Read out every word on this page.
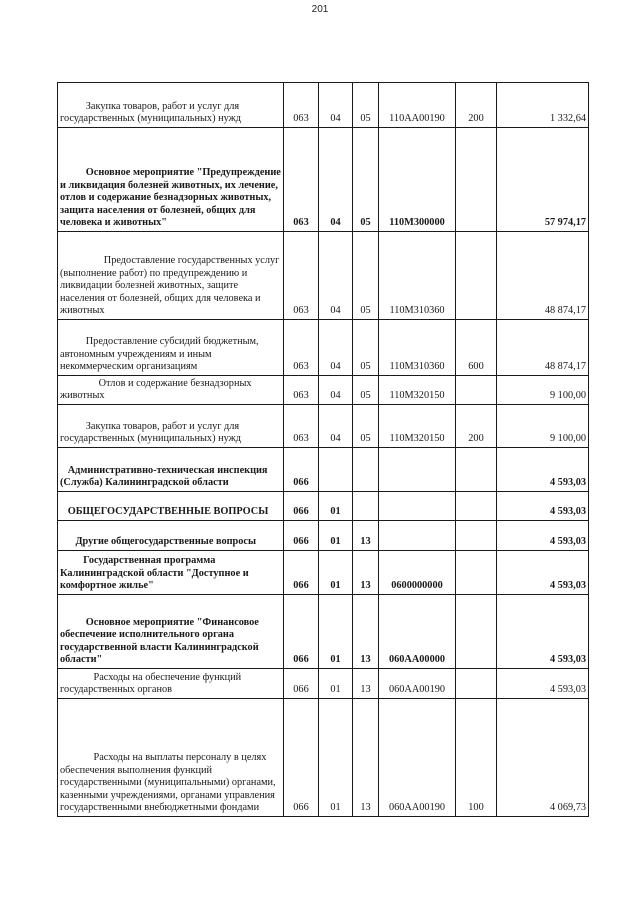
201
Закупка товаров, работ и услуг для государственных (муниципальных) нужд	063	04	05	110АА00190	200	1 332,64
Основное мероприятие "Предупреждение и ликвидация болезней животных, их лечение, отлов и содержание безнадзорных животных, защита населения от болезней, общих для человека и животных"	063	04	05	110М300000		57 974,17
Предоставление государственных услуг (выполнение работ) по предупреждению и ликвидации болезней животных, защите населения от болезней, общих для человека и животных	063	04	05	110М310360		48 874,17
Предоставление субсидий бюджетным, автономным учреждениям и иным некоммерческим организациям	063	04	05	110М310360	600	48 874,17
Отлов и содержание безнадзорных животных	063	04	05	110М320150		9 100,00
Закупка товаров, работ и услуг для государственных (муниципальных) нужд	063	04	05	110М320150	200	9 100,00
Административно-техническая инспекция (Служба) Калининградской области	066					4 593,03
ОБЩЕГОСУДАРСТВЕННЫЕ ВОПРОСЫ	066	01				4 593,03
Другие общегосударственные вопросы	066	01	13			4 593,03
Государственная программа Калининградской области "Доступное и комфортное жилье"	066	01	13	0600000000		4 593,03
Основное мероприятие "Финансовое обеспечение исполнительного органа государственной власти Калининградской области"	066	01	13	060АА00000		4 593,03
Расходы на обеспечение функций государственных органов	066	01	13	060АА00190		4 593,03
Расходы на выплаты персоналу в целях обеспечения выполнения функций государственными (муниципальными) органами, казенными учреждениями, органами управления государственными внебюджетными фондами	066	01	13	060АА00190	100	4 069,73
